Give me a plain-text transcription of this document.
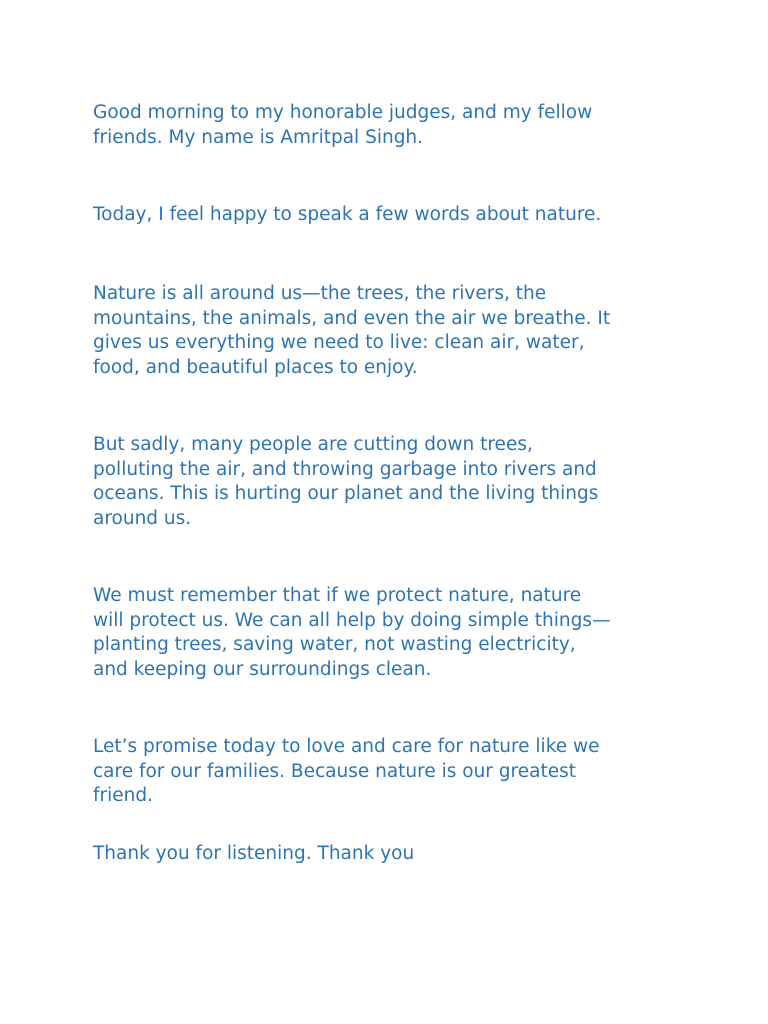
Good morning to my honorable judges, and my fellow
friends. My name is Amritpal Singh.

Today, I feel happy to speak a few words about nature.

Nature is all around us—the trees, the rivers, the
mountains, the animals, and even the air we breathe. It
gives us everything we need to live: clean air, water,
food, and beautiful places to enjoy.

But sadly, many people are cutting down trees,
polluting the air, and throwing garbage into rivers and
oceans. This is hurting our planet and the living things
around us.

We must remember that if we protect nature, nature
will protect us. We can all help by doing simple things—
planting trees, saving water, not wasting electricity,
and keeping our surroundings clean.

Let’s promise today to love and care for nature like we
care for our families. Because nature is our greatest
friend.

Thank you for listening. Thank you
